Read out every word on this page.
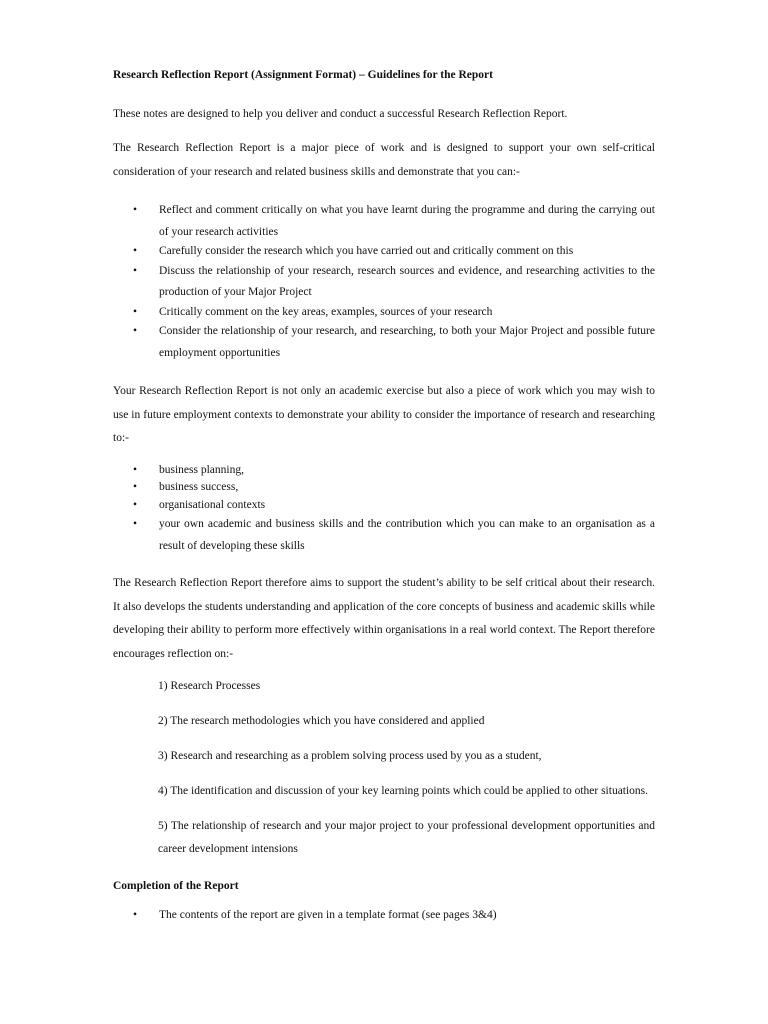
Research Reflection Report (Assignment Format) – Guidelines for the Report

These notes are designed to help you deliver and conduct a successful Research Reflection Report.

The Research Reflection Report is a major piece of work and is designed to support your own self-critical consideration of your research and related business skills and demonstrate that you can:-

• Reflect and comment critically on what you have learnt during the programme and during the carrying out of your research activities
• Carefully consider the research which you have carried out and critically comment on this
• Discuss the relationship of your research, research sources and evidence, and researching activities to the production of your Major Project
• Critically comment on the key areas, examples, sources of your research
• Consider the relationship of your research, and researching, to both your Major Project and possible future employment opportunities

Your Research Reflection Report is not only an academic exercise but also a piece of work which you may wish to use in future employment contexts to demonstrate your ability to consider the importance of research and researching to:-

• business planning,
• business success,
• organisational contexts
• your own academic and business skills and the contribution which you can make to an organisation as a result of developing these skills

The Research Reflection Report therefore aims to support the student’s ability to be self critical about their research. It also develops the students understanding and application of the core concepts of business and academic skills while developing their ability to perform more effectively within organisations in a real world context. The Report therefore encourages reflection on:-

1) Research Processes
2) The research methodologies which you have considered and applied
3) Research and researching as a problem solving process used by you as a student,
4) The identification and discussion of your key learning points which could be applied to other situations.
5) The relationship of research and your major project to your professional development opportunities and career development intensions
Completion of the Report
• The contents of the report are given in a template format (see pages 3&4)
